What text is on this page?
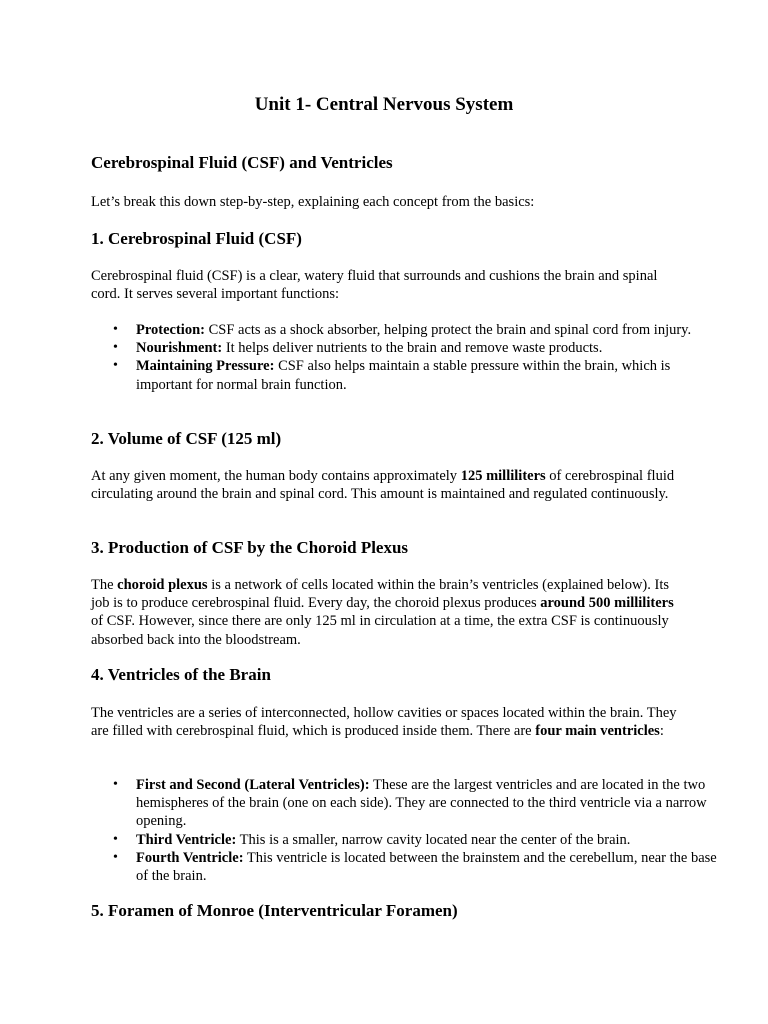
Unit 1- Central Nervous System
Cerebrospinal Fluid (CSF) and Ventricles

Let’s break this down step-by-step, explaining each concept from the basics:

1. Cerebrospinal Fluid (CSF)

Cerebrospinal fluid (CSF) is a clear, watery fluid that surrounds and cushions the brain and spinal cord. It serves several important functions:

• Protection: CSF acts as a shock absorber, helping protect the brain and spinal cord from injury.
• Nourishment: It helps deliver nutrients to the brain and remove waste products.
• Maintaining Pressure: CSF also helps maintain a stable pressure within the brain, which is important for normal brain function.
2. Volume of CSF (125 ml)

At any given moment, the human body contains approximately 125 milliliters of cerebrospinal fluid circulating around the brain and spinal cord. This amount is maintained and regulated continuously.

3. Production of CSF by the Choroid Plexus

The choroid plexus is a network of cells located within the brain’s ventricles (explained below). Its job is to produce cerebrospinal fluid. Every day, the choroid plexus produces around 500 milliliters of CSF. However, since there are only 125 ml in circulation at a time, the extra CSF is continuously absorbed back into the bloodstream.

4. Ventricles of the Brain

The ventricles are a series of interconnected, hollow cavities or spaces located within the brain. They are filled with cerebrospinal fluid, which is produced inside them. There are four main ventricles:

• First and Second (Lateral Ventricles): These are the largest ventricles and are located in the two hemispheres of the brain (one on each side). They are connected to the third ventricle via a narrow opening.
• Third Ventricle: This is a smaller, narrow cavity located near the center of the brain.
• Fourth Ventricle: This ventricle is located between the brainstem and the cerebellum, near the base of the brain.
5. Foramen of Monroe (Interventricular Foramen)
